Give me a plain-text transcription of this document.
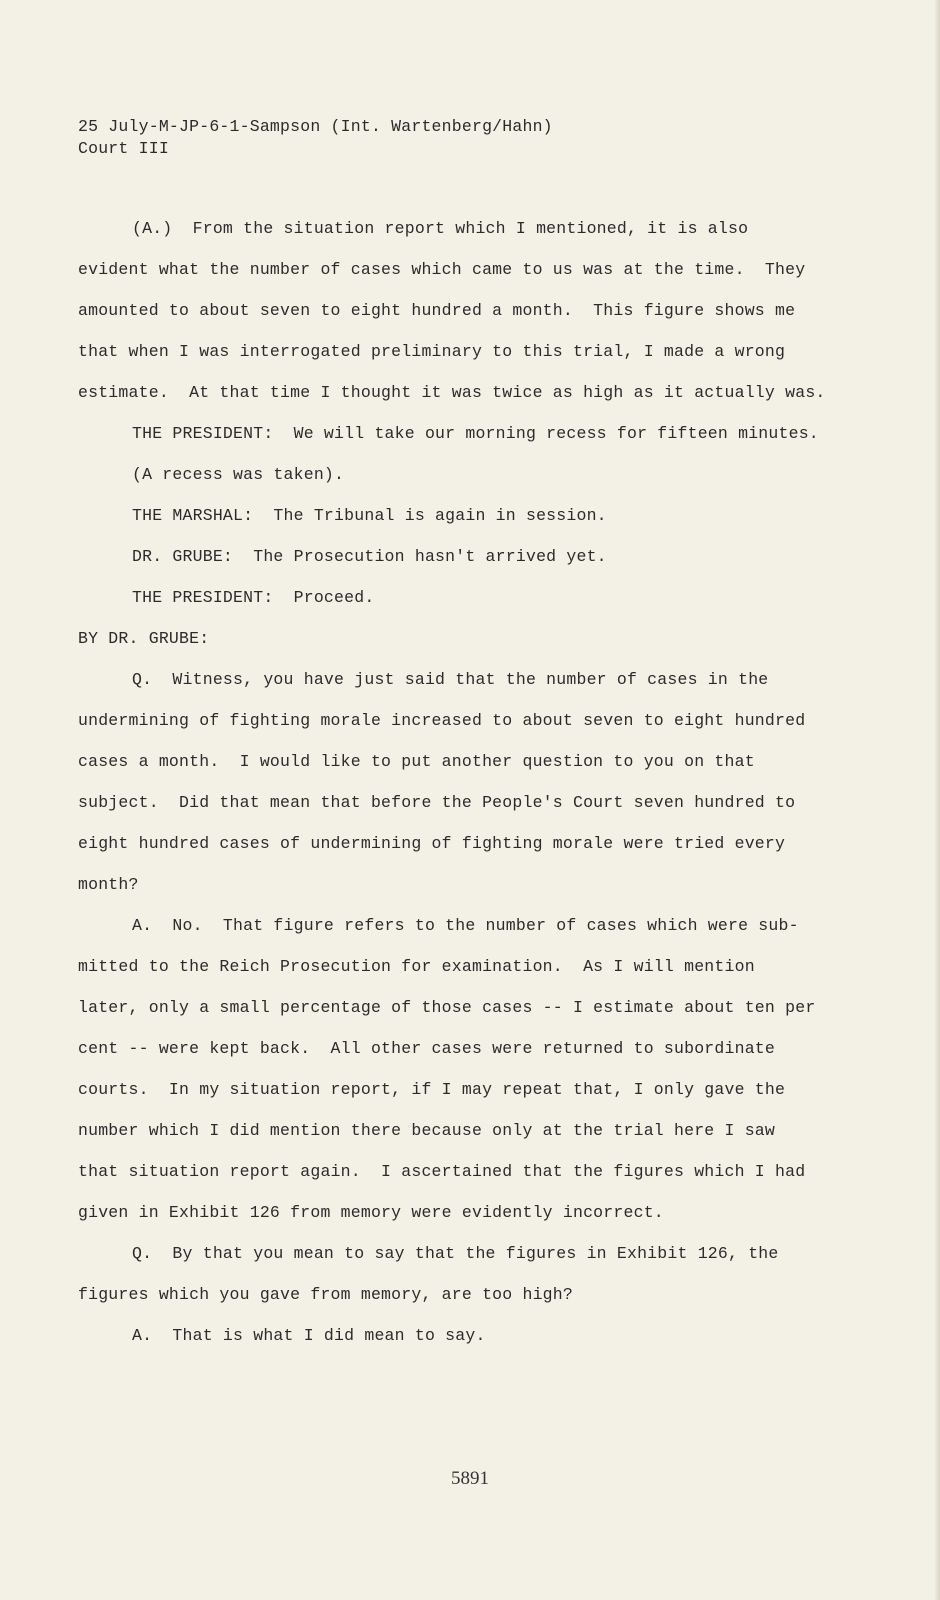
25 July-M-JP-6-1-Sampson (Int. Wartenberg/Hahn)
Court III
(A.)  From the situation report which I mentioned, it is also
evident what the number of cases which came to us was at the time.  They
amounted to about seven to eight hundred a month.  This figure shows me
that when I was interrogated preliminary to this trial, I made a wrong
estimate.  At that time I thought it was twice as high as it actually was.
THE PRESIDENT:  We will take our morning recess for fifteen minutes.
(A recess was taken).
THE MARSHAL:  The Tribunal is again in session.
DR. GRUBE:  The Prosecution hasn't arrived yet.
THE PRESIDENT:  Proceed.
BY DR. GRUBE:
Q.  Witness, you have just said that the number of cases in the
undermining of fighting morale increased to about seven to eight hundred
cases a month.  I would like to put another question to you on that
subject.  Did that mean that before the People's Court seven hundred to
eight hundred cases of undermining of fighting morale were tried every
month?
A.  No.  That figure refers to the number of cases which were sub-
mitted to the Reich Prosecution for examination.  As I will mention
later, only a small percentage of those cases -- I estimate about ten per
cent -- were kept back.  All other cases were returned to subordinate
courts.  In my situation report, if I may repeat that, I only gave the
number which I did mention there because only at the trial here I saw
that situation report again.  I ascertained that the figures which I had
given in Exhibit 126 from memory were evidently incorrect.
Q.  By that you mean to say that the figures in Exhibit 126, the
figures which you gave from memory, are too high?
A.  That is what I did mean to say.
5891
